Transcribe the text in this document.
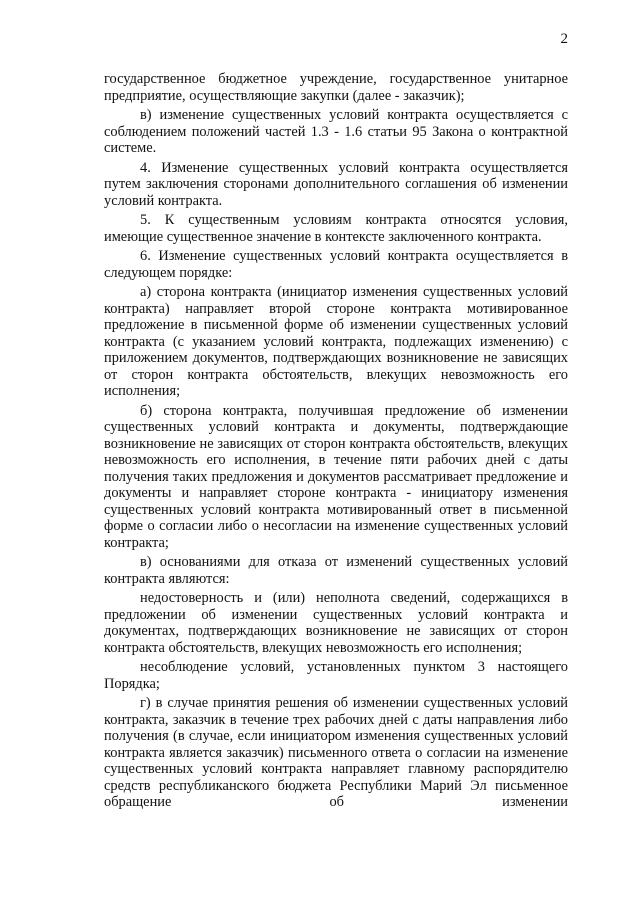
2

государственное бюджетное учреждение, государственное унитарное предприятие, осуществляющие закупки (далее - заказчик);

в) изменение существенных условий контракта осуществляется с соблюдением положений частей 1.3 - 1.6 статьи 95 Закона о контрактной системе.

4. Изменение существенных условий контракта осуществляется путем заключения сторонами дополнительного соглашения об изменении условий контракта.

5. К существенным условиям контракта относятся условия, имеющие существенное значение в контексте заключенного контракта.

6. Изменение существенных условий контракта осуществляется в следующем порядке:

а) сторона контракта (инициатор изменения существенных условий контракта) направляет второй стороне контракта мотивированное предложение в письменной форме об изменении существенных условий контракта (с указанием условий контракта, подлежащих изменению) с приложением документов, подтверждающих возникновение не зависящих от сторон контракта обстоятельств, влекущих невозможность его исполнения;

б) сторона контракта, получившая предложение об изменении существенных условий контракта и документы, подтверждающие возникновение не зависящих от сторон контракта обстоятельств, влекущих невозможность его исполнения, в течение пяти рабочих дней с даты получения таких предложения и документов рассматривает предложение и документы и направляет стороне контракта - инициатору изменения существенных условий контракта мотивированный ответ в письменной форме о согласии либо о несогласии на изменение существенных условий контракта;

в) основаниями для отказа от изменений существенных условий контракта являются:

недостоверность и (или) неполнота сведений, содержащихся в предложении об изменении существенных условий контракта и документах, подтверждающих возникновение не зависящих от сторон контракта обстоятельств, влекущих невозможность его исполнения;

несоблюдение условий, установленных пунктом 3 настоящего Порядка;

г) в случае принятия решения об изменении существенных условий контракта, заказчик в течение трех рабочих дней с даты направления либо получения (в случае, если инициатором изменения существенных условий контракта является заказчик) письменного ответа о согласии на изменение существенных условий контракта направляет главному распорядителю средств республиканского бюджета Республики Марий Эл письменное обращение об изменении
